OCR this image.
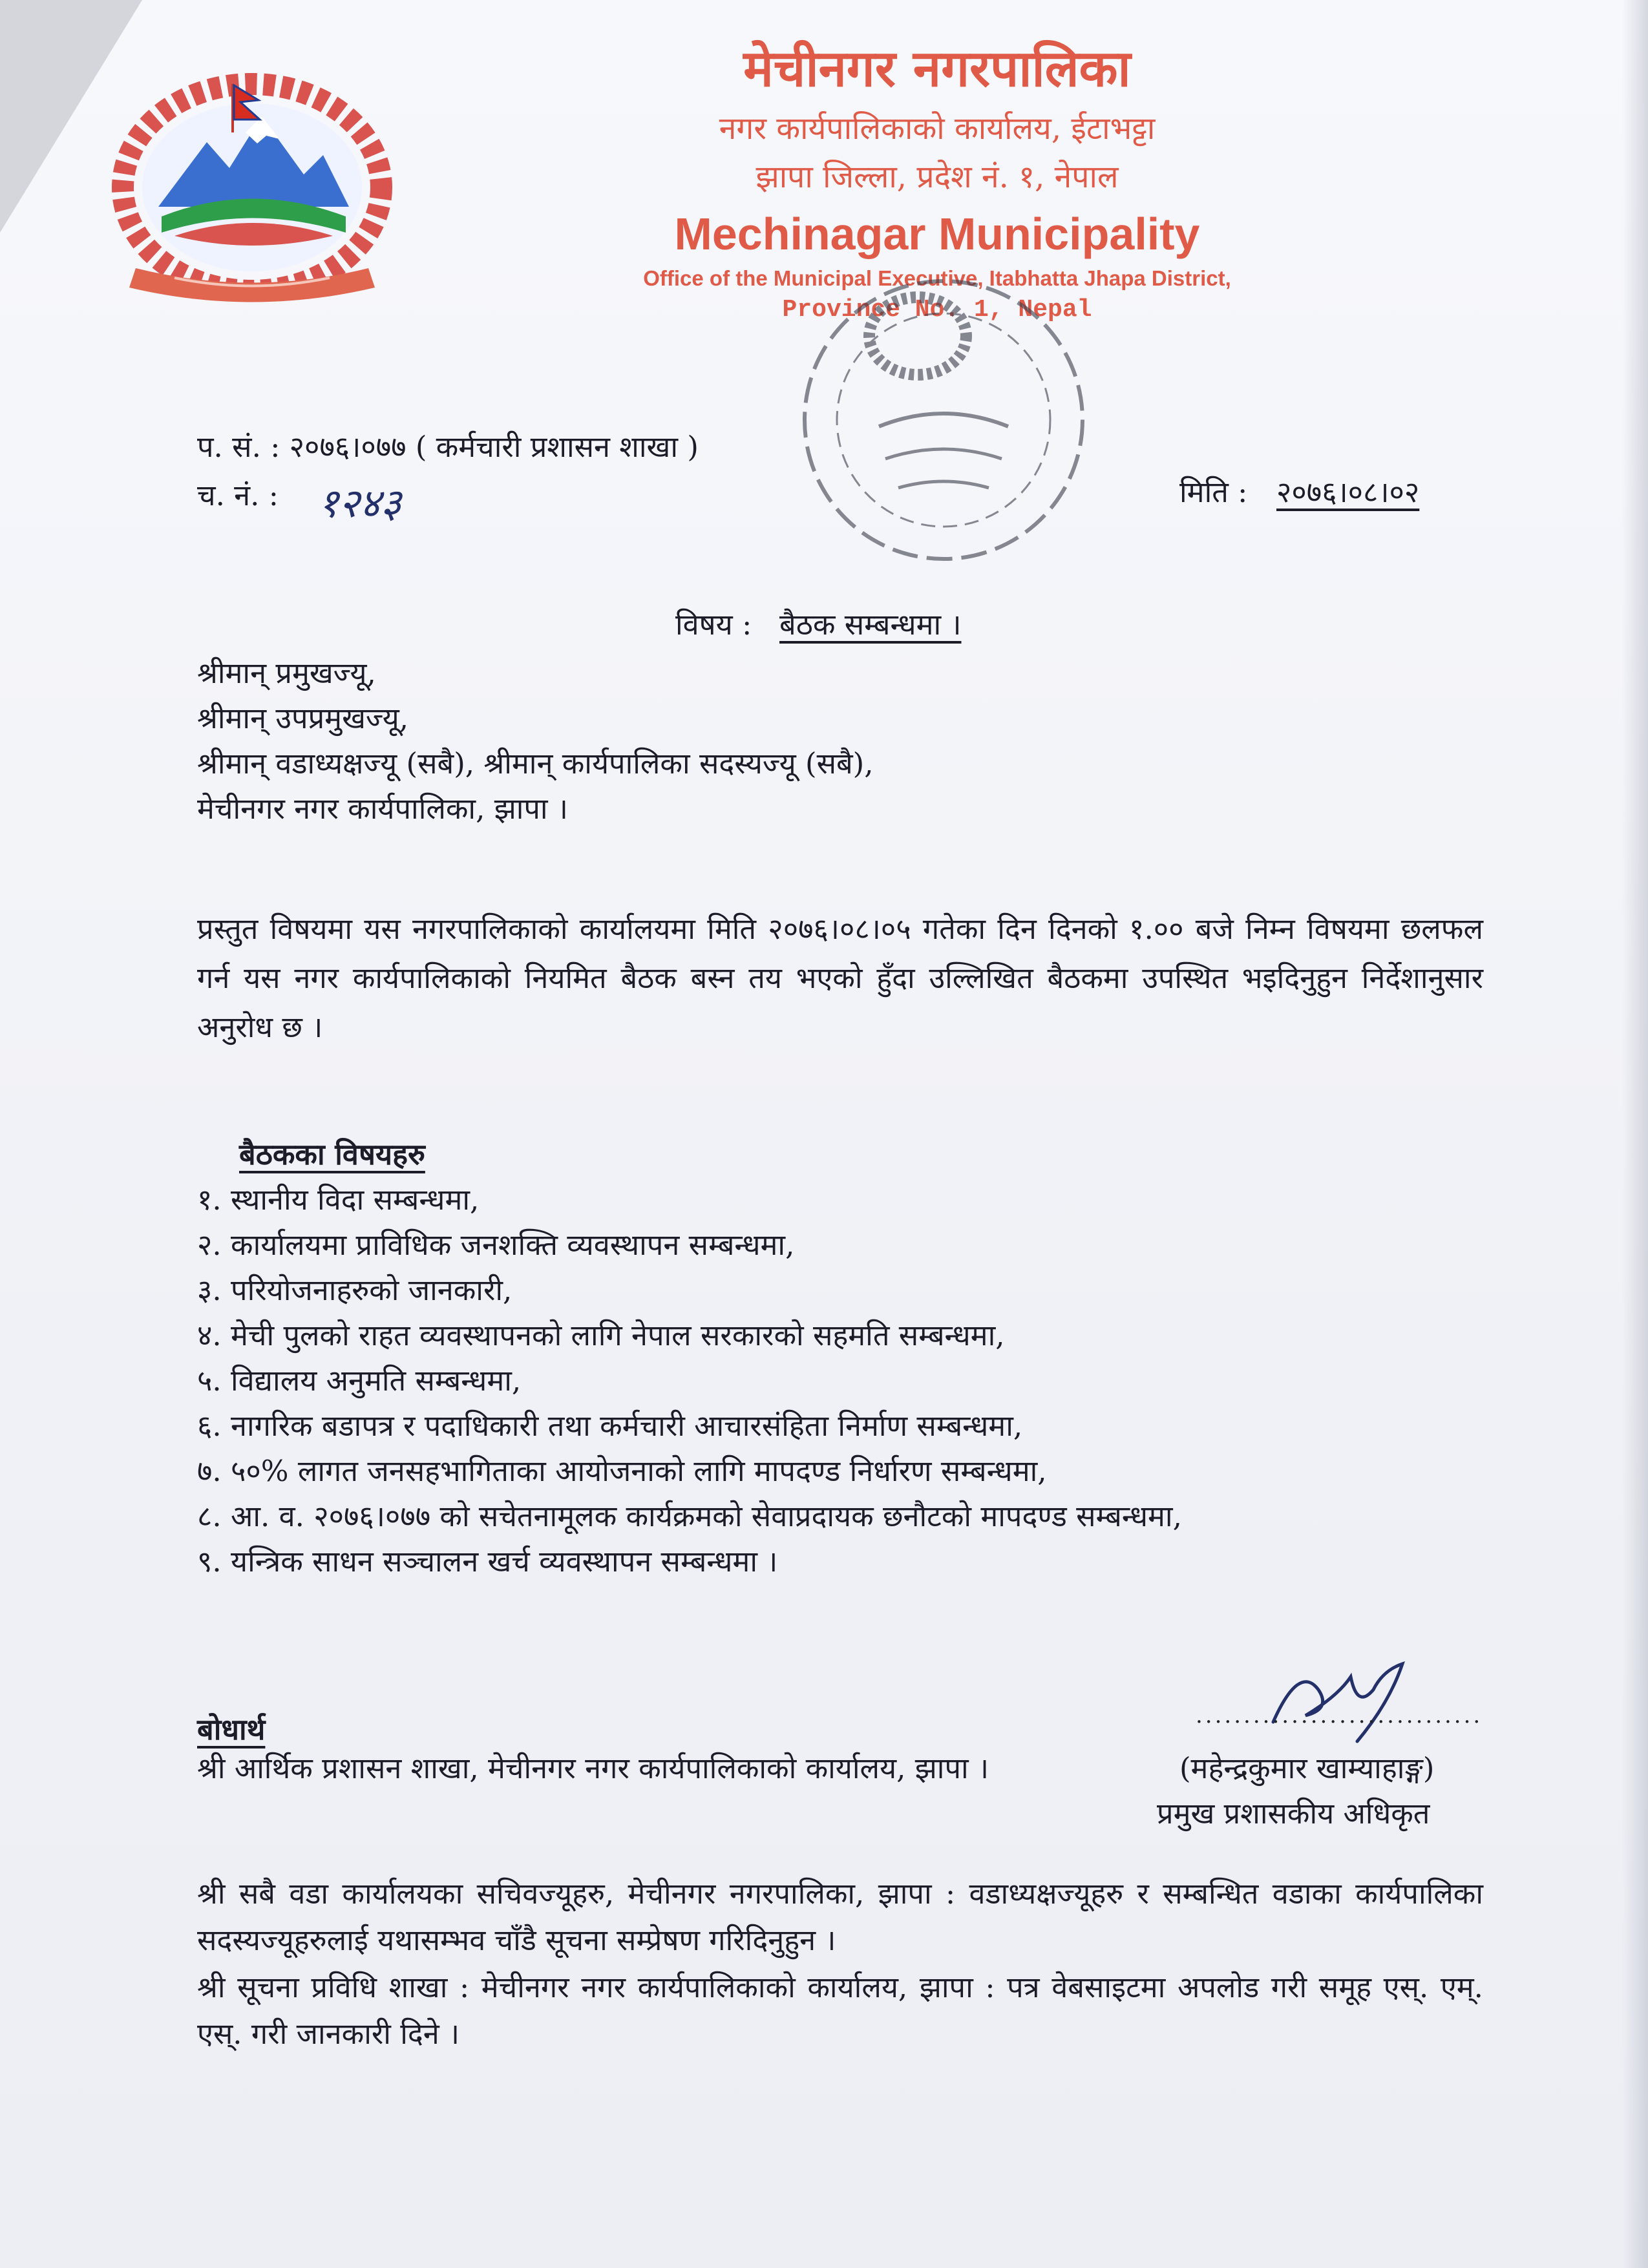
मेचीनगर नगरपालिका
नगर कार्यपालिकाको कार्यालय, ईटाभट्टा
झापा जिल्ला, प्रदेश नं. १, नेपाल
Mechinagar Municipality
Office of the Municipal Executive, Itabhatta Jhapa District,
Province No. 1, Nepal
प. सं. : २०७६।०७७ ( कर्मचारी प्रशासन शाखा )
च. नं. : १२४३	मिति : २०७६।०८।०२
विषय : बैठक सम्बन्धमा ।
श्रीमान् प्रमुखज्यू,
श्रीमान् उपप्रमुखज्यू,
श्रीमान् वडाध्यक्षज्यू (सबै), श्रीमान् कार्यपालिका सदस्यज्यू (सबै),
मेचीनगर नगर कार्यपालिका, झापा ।
प्रस्तुत विषयमा यस नगरपालिकाको कार्यालयमा मिति २०७६।०८।०५ गतेका दिन दिनको १.०० बजे निम्न विषयमा छलफल गर्न यस नगर कार्यपालिकाको नियमित बैठक बस्न तय भएको हुँदा उल्लिखित बैठकमा उपस्थित भइदिनुहुन निर्देशानुसार अनुरोध छ ।
बैठकका विषयहरु
१. स्थानीय विदा सम्बन्धमा,
२. कार्यालयमा प्राविधिक जनशक्ति व्यवस्थापन सम्बन्धमा,
३. परियोजनाहरुको जानकारी,
४. मेची पुलको राहत व्यवस्थापनको लागि नेपाल सरकारको सहमति सम्बन्धमा,
५. विद्यालय अनुमति सम्बन्धमा,
६. नागरिक बडापत्र र पदाधिकारी तथा कर्मचारी आचारसंहिता निर्माण सम्बन्धमा,
७. ५०% लागत जनसहभागिताका आयोजनाको लागि मापदण्ड निर्धारण सम्बन्धमा,
८. आ. व. २०७६।०७७ को सचेतनामूलक कार्यक्रमको सेवाप्रदायक छनौटको मापदण्ड सम्बन्धमा,
९. यन्त्रिक साधन सञ्चालन खर्च व्यवस्थापन सम्बन्धमा ।
..............................
(महेन्द्रकुमार खाम्याहाङ्ग)
प्रमुख प्रशासकीय अधिकृत
बोधार्थ
श्री आर्थिक प्रशासन शाखा, मेचीनगर नगर कार्यपालिकाको कार्यालय, झापा ।
श्री सबै वडा कार्यालयका सचिवज्यूहरु, मेचीनगर नगरपालिका, झापा : वडाध्यक्षज्यूहरु र सम्बन्धित वडाका कार्यपालिका सदस्यज्यूहरुलाई यथासम्भव चाँडै सूचना सम्प्रेषण गरिदिनुहुन ।
श्री सूचना प्रविधि शाखा : मेचीनगर नगर कार्यपालिकाको कार्यालय, झापा : पत्र वेबसाइटमा अपलोड गरी समूह एस्. एम्. एस्. गरी जानकारी दिने ।
